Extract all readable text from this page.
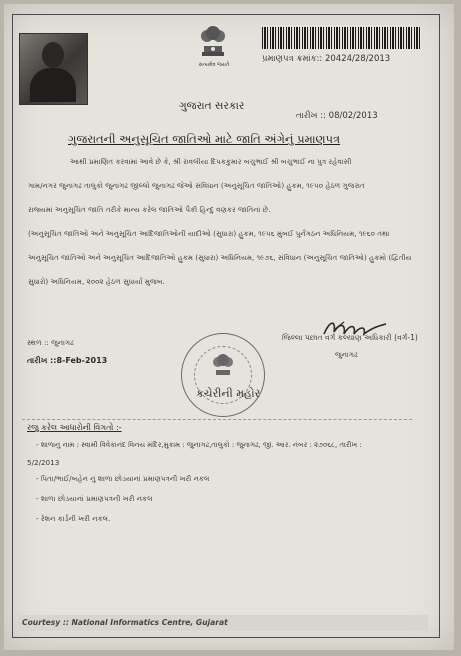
સત્યમેવ જયતે
પ્રમાણપત્ર ક્રમાંક:: 20424/28/2013
ગુજરાત સરકાર
તારીખ :: 08/02/2013
ગુજરાતની અનુસૂચિત જાતિઓ માટે જાતિ અંગેનું પ્રમાણપત્ર
આથી પ્રમાણિત કરવામાં આવે છે કે, શ્રી રાવલીયા દિપકકુમાર બચુભાઈ શ્રી બચુભાઈ ના પુત્ર રહેવાસી
ગામ/નગર જુનાગઢ તાલુકો જુનાગઢ જીલ્લો જુનાગઢ જેઓ સંવિધાન (અનુસૂચિત જાતિઓ) હુકમ, ૧૯૫૦ હેઠળ ગુજરાત
રાજ્યમાં અનુસૂચિત જાતિ તરીકે માન્ય કરેલ જાતિઓ પૈકી હિન્દુ વણકર જાતિનાં છે.
(અનુસૂચિત જાતિઓ અને અનુસૂચિત આદિજાતિઓની યાદીઓ (સુધારા) હુકમ, ૧૯૫૬ મુંબઈ પુર્નગઠન અધિનિયમ, ૧૯૬૦ તથા
અનુસૂચિત જાતિઓ અને અનુસૂચિત આદિજાતિઓ હુકમ (સુધારા) અધિનિયમ, ૧૯૭૬, સંવિધાન (અનુસૂચિત જાતિઓ) હુકમો (દ્વિતીય
સુધારો) અધિનિયમ, ૨૦૦૨ હેઠળ સુધાર્યા મુજબ.
જિલ્લા પછાત વર્ગ કલ્યાણ અધિકારી (વર્ગ-1)
જુનાગઢ
સ્થળ :: જુનાગઢ
તારીખ ::8-Feb-2013
કચેરીની મહોર
રજુ કરેલ આધારોની વિગતો :-
- શાળાનુ નામ : સ્વામી વિવેકાનંદ વિનય મંદિર,મુકામ : જુનાગઢ,તાલુકો : જુનાગઢ, જી. આર. નંબર : ૨૭૦૬૮, તારીખ :
5/2/2013
- પિતા/ભાઈ/બહેન નું શાળા છોડયાનાં પ્રમાણપત્રની ખરી નકલ
- શાળા છોડયાનાં પ્રમાણપત્રની ખરી નકલ
- રેશન કાર્ડની ખરી નકલ.
Courtesy :: National Informatics Centre, Gujarat
